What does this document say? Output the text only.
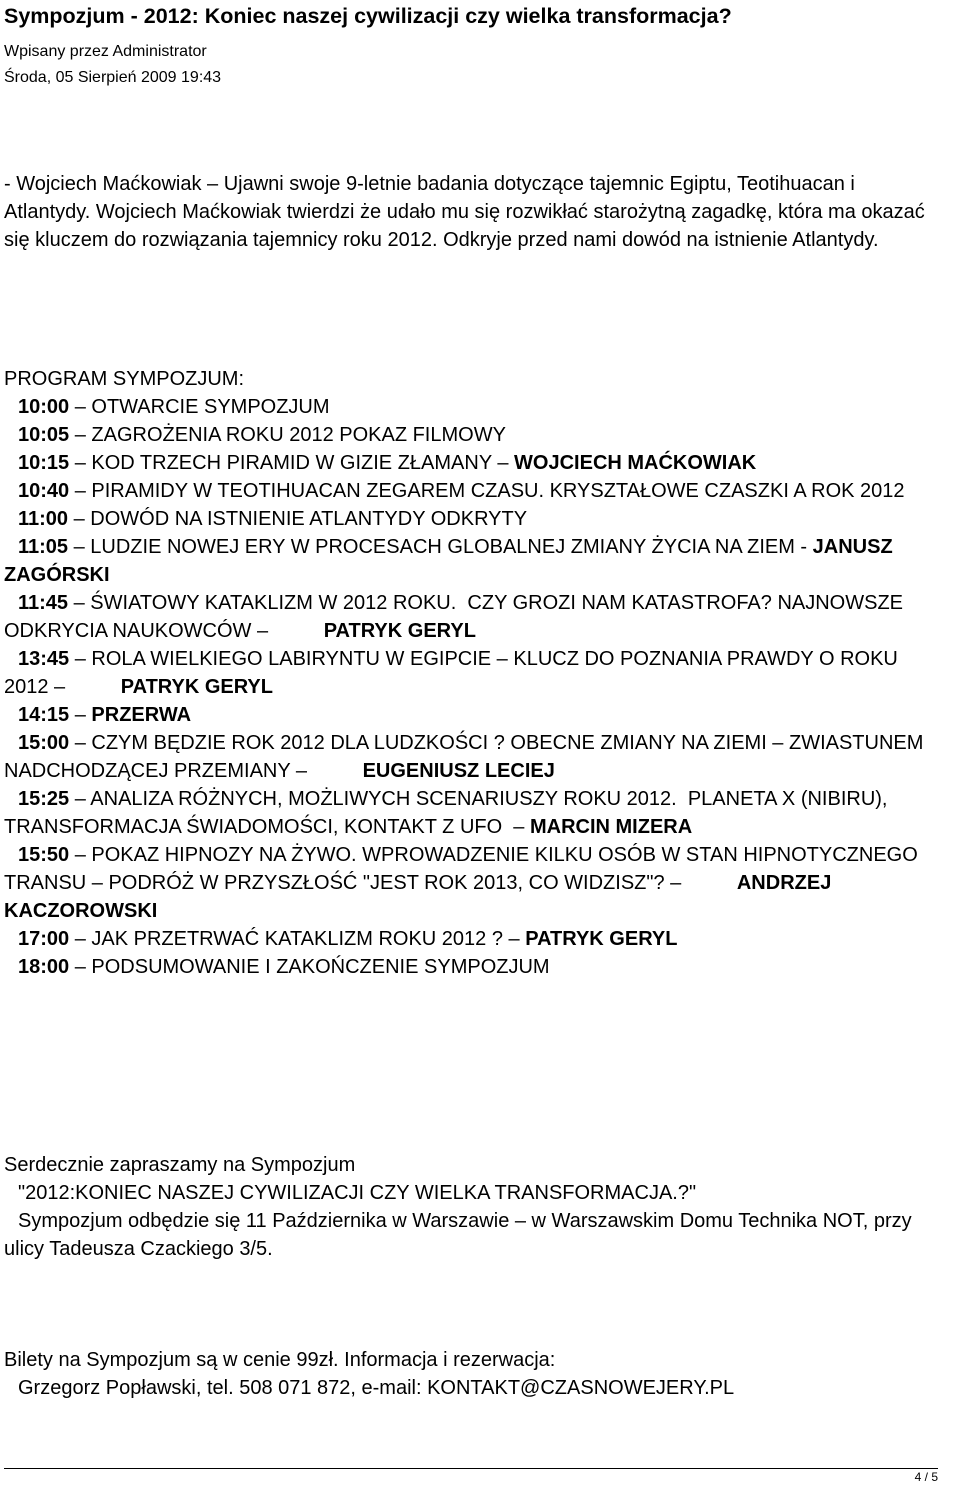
Sympozjum - 2012: Koniec naszej cywilizacji czy wielka transformacja?
Wpisany przez Administrator
Środa, 05 Sierpień 2009 19:43
- Wojciech Maćkowiak – Ujawni swoje 9-letnie badania dotyczące tajemnic Egiptu, Teotihuacan i Atlantydy. Wojciech Maćkowiak twierdzi że udało mu się rozwikłać starożytną zagadkę, która ma okazać się kluczem do rozwiązania tajemnicy roku 2012. Odkryje przed nami dowód na istnienie Atlantydy.
PROGRAM SYMPOZJUM:
10:00 – OTWARCIE SYMPOZJUM
10:05 – ZAGROŻENIA ROKU 2012 POKAZ FILMOWY
10:15 – KOD TRZECH PIRAMID W GIZIE ZŁAMANY – WOJCIECH MAĆKOWIAK
10:40 – PIRAMIDY W TEOTIHUACAN ZEGAREM CZASU. KRYSZTAŁOWE CZASZKI A ROK 2012
11:00 – DOWÓD NA ISTNIENIE ATLANTYDY ODKRYTY
11:05 – LUDZIE NOWEJ ERY W PROCESACH GLOBALNEJ ZMIANY ŻYCIA NA ZIEM - JANUSZ ZAGÓRSKI
11:45 – ŚWIATOWY KATAKLIZM W 2012 ROKU.  CZY GROZI NAM KATASTROFA? NAJNOWSZE ODKRYCIA NAUKOWCÓW –          PATRYK GERYL
13:45 – ROLA WIELKIEGO LABIRYNTU W EGIPCIE – KLUCZ DO POZNANIA PRAWDY O ROKU 2012 –          PATRYK GERYL
14:15 – PRZERWA
15:00 – CZYM BĘDZIE ROK 2012 DLA LUDZKOŚCI ? OBECNE ZMIANY NA ZIEMI – ZWIASTUNEM NADCHODZĄCEJ PRZEMIANY –          EUGENIUSZ LECIEJ
15:25 – ANALIZA RÓŻNYCH, MOŻLIWYCH SCENARIUSZY ROKU 2012.  PLANETA X (NIBIRU), TRANSFORMACJA ŚWIADOMOŚCI, KONTAKT Z UFO  – MARCIN MIZERA
15:50 – POKAZ HIPNOZY NA ŻYWO. WPROWADZENIE KILKU OSÓB W STAN HIPNOTYCZNEGO TRANSU – PODRÓŻ W PRZYSZŁOŚĆ "JEST ROK 2013, CO WIDZISZ"? –          ANDRZEJ KACZOROWSKI
17:00 – JAK PRZETRWAĆ KATAKLIZM ROKU 2012 ? – PATRYK GERYL
18:00 – PODSUMOWANIE I ZAKOŃCZENIE SYMPOZJUM
Serdecznie zapraszamy na Sympozjum
"2012:KONIEC NASZEJ CYWILIZACJI CZY WIELKA TRANSFORMACJA.?"
Sympozjum odbędzie się 11 Października w Warszawie – w Warszawskim Domu Technika NOT, przy ulicy Tadeusza Czackiego 3/5.
Bilety na Sympozjum są w cenie 99zł. Informacja i rezerwacja:
Grzegorz Popławski, tel. 508 071 872, e-mail: KONTAKT@CZASNOWEJERY.PL
4 / 5
